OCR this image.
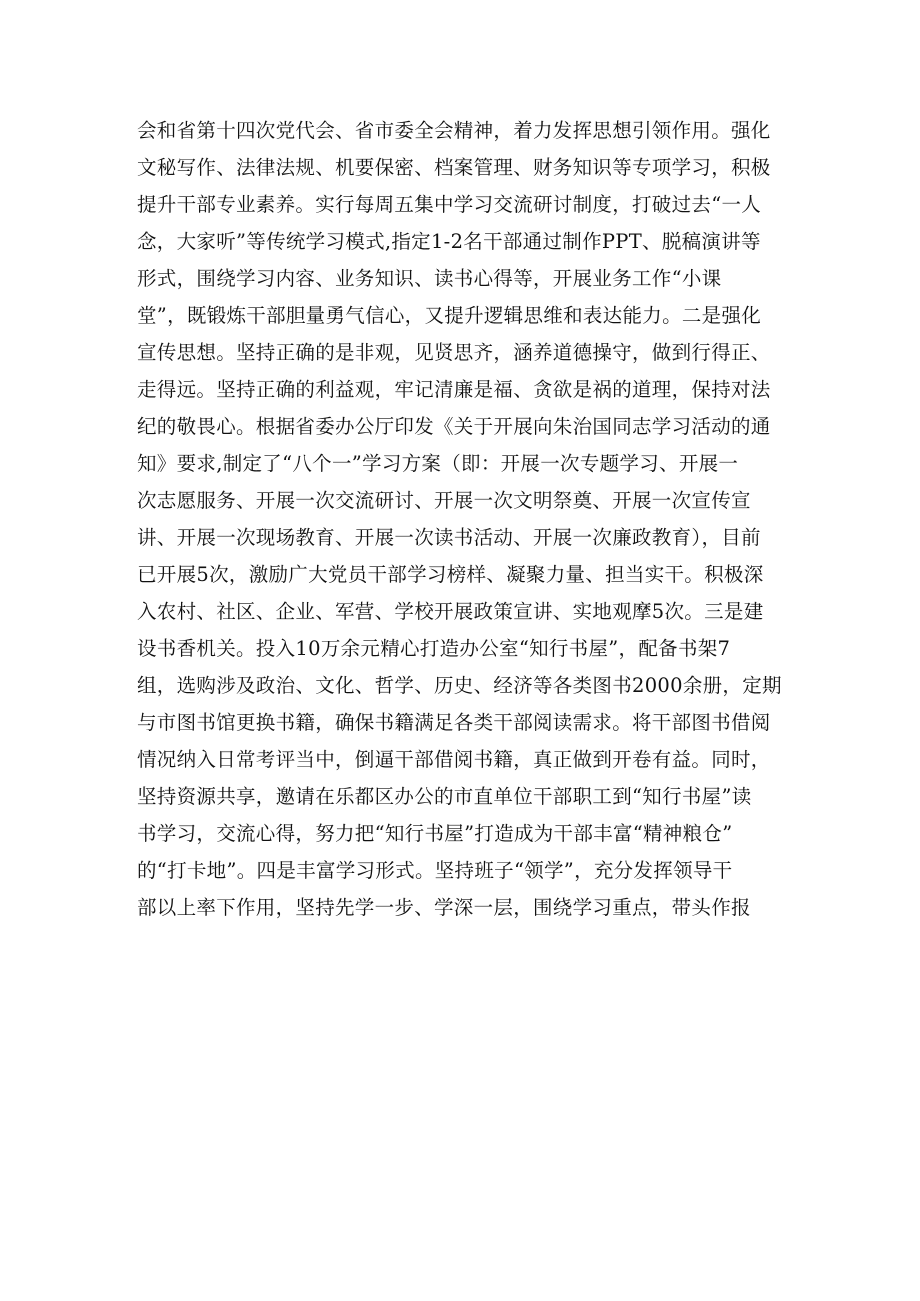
会和省第十四次党代会、省市委全会精神，着力发挥思想引领作用。强化
文秘写作、法律法规、机要保密、档案管理、财务知识等专项学习，积极
提升干部专业素养。实行每周五集中学习交流研讨制度，打破过去“一人
念，大家听”等传统学习模式,指定1-2名干部通过制作PPT、脱稿演讲等
形式，围绕学习内容、业务知识、读书心得等，开展业务工作“小课
堂”，既锻炼干部胆量勇气信心，又提升逻辑思维和表达能力。二是强化
宣传思想。坚持正确的是非观，见贤思齐，涵养道德操守，做到行得正、
走得远。坚持正确的利益观，牢记清廉是福、贪欲是祸的道理，保持对法
纪的敬畏心。根据省委办公厅印发《关于开展向朱治国同志学习活动的通
知》要求,制定了“八个一”学习方案（即：开展一次专题学习、开展一
次志愿服务、开展一次交流研讨、开展一次文明祭奠、开展一次宣传宣
讲、开展一次现场教育、开展一次读书活动、开展一次廉政教育），目前
已开展5次，激励广大党员干部学习榜样、凝聚力量、担当实干。积极深
入农村、社区、企业、军营、学校开展政策宣讲、实地观摩5次。三是建
设书香机关。投入10万余元精心打造办公室“知行书屋”，配备书架7
组，选购涉及政治、文化、哲学、历史、经济等各类图书2000余册，定期
与市图书馆更换书籍，确保书籍满足各类干部阅读需求。将干部图书借阅
情况纳入日常考评当中，倒逼干部借阅书籍，真正做到开卷有益。同时，
坚持资源共享，邀请在乐都区办公的市直单位干部职工到“知行书屋”读
书学习，交流心得，努力把“知行书屋”打造成为干部丰富“精神粮仓”
的“打卡地”。四是丰富学习形式。坚持班子“领学”，充分发挥领导干
部以上率下作用，坚持先学一步、学深一层，围绕学习重点，带头作报
